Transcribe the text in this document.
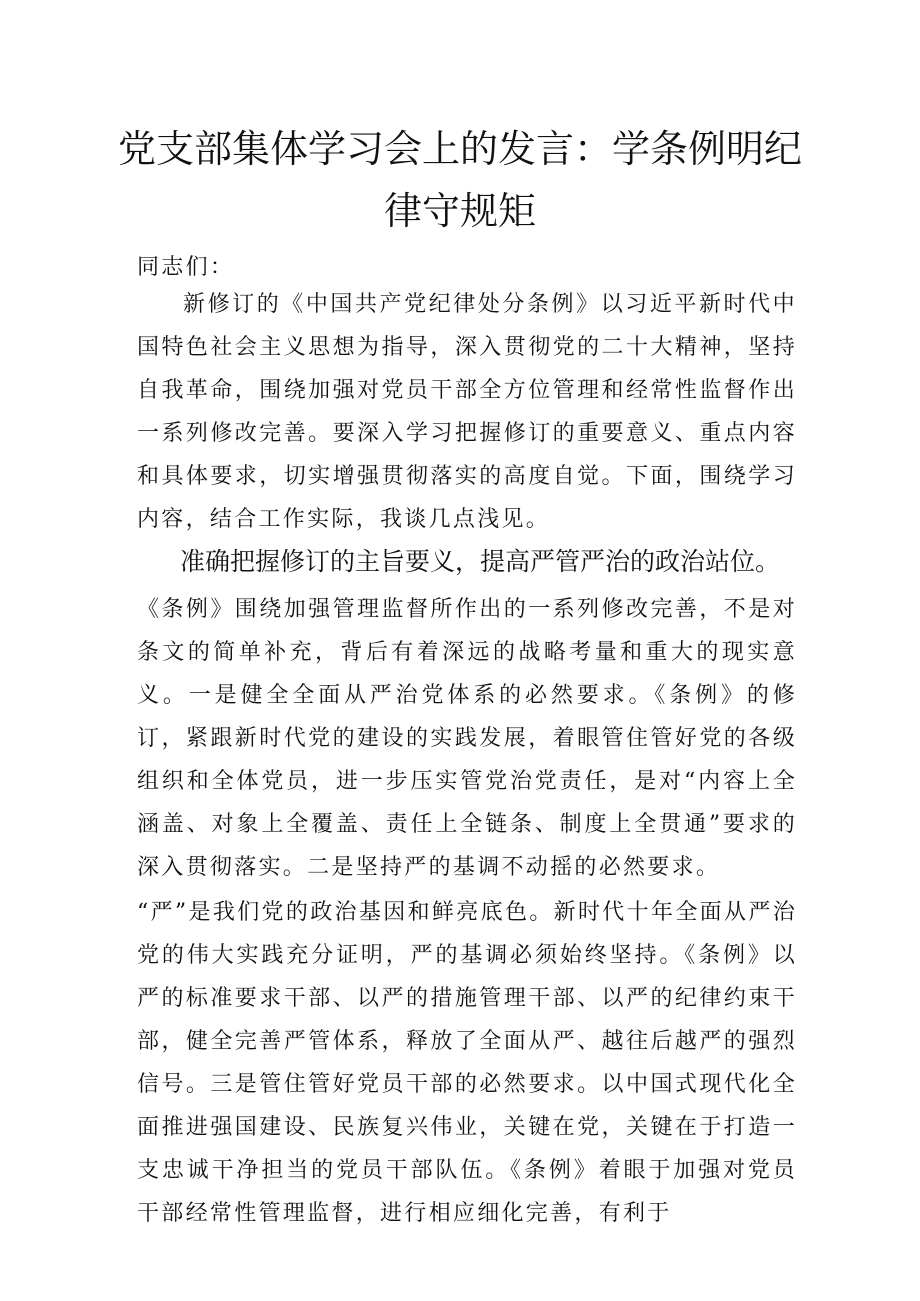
党支部集体学习会上的发言：学条例明纪
律守规矩

同志们：

新修订的《中国共产党纪律处分条例》以习近平新时代中国特色社会主义思想为指导，深入贯彻党的二十大精神，坚持自我革命，围绕加强对党员干部全方位管理和经常性监督作出一系列修改完善。要深入学习把握修订的重要意义、重点内容和具体要求，切实增强贯彻落实的高度自觉。下面，围绕学习内容，结合工作实际，我谈几点浅见。

准确把握修订的主旨要义，提高严管严治的政治站位。

《条例》围绕加强管理监督所作出的一系列修改完善，不是对条文的简单补充，背后有着深远的战略考量和重大的现实意义。一是健全全面从严治党体系的必然要求。《条例》的修订，紧跟新时代党的建设的实践发展，着眼管住管好党的各级组织和全体党员，进一步压实管党治党责任，是对“内容上全涵盖、对象上全覆盖、责任上全链条、制度上全贯通”要求的深入贯彻落实。二是坚持严的基调不动摇的必然要求。

“严”是我们党的政治基因和鲜亮底色。新时代十年全面从严治党的伟大实践充分证明，严的基调必须始终坚持。《条例》以严的标准要求干部、以严的措施管理干部、以严的纪律约束干部，健全完善严管体系，释放了全面从严、越往后越严的强烈信号。三是管住管好党员干部的必然要求。以中国式现代化全面推进强国建设、民族复兴伟业，关键在党，关键在于打造一支忠诚干净担当的党员干部队伍。《条例》着眼于加强对党员干部经常性管理监督，进行相应细化完善，有利于
